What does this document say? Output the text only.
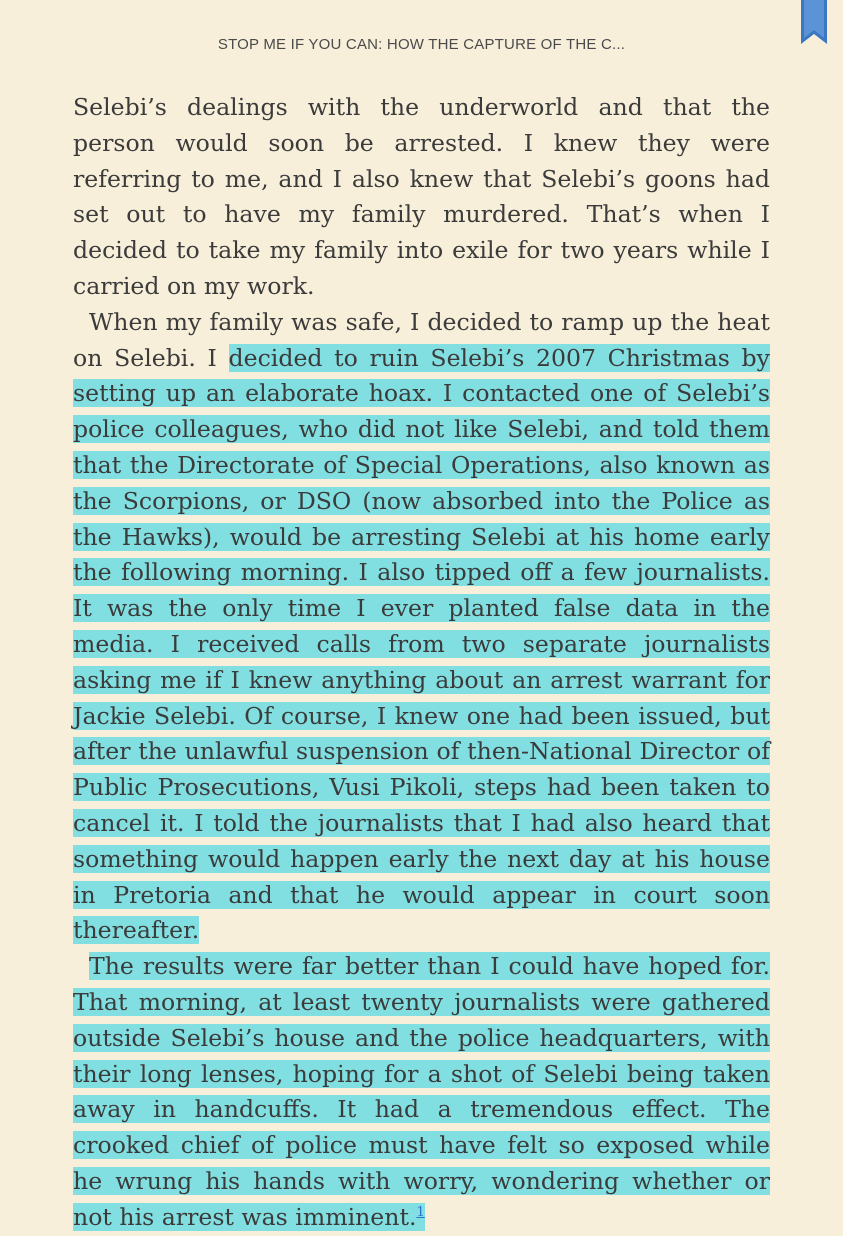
STOP ME IF YOU CAN: HOW THE CAPTURE OF THE C...

Selebi’s dealings with the underworld and that the person would soon be arrested. I knew they were referring to me, and I also knew that Selebi’s goons had set out to have my family murdered. That’s when I decided to take my family into exile for two years while I carried on my work.

When my family was safe, I decided to ramp up the heat on Selebi. I decided to ruin Selebi’s 2007 Christmas by setting up an elaborate hoax. I contacted one of Selebi’s police colleagues, who did not like Selebi, and told them that the Directorate of Special Operations, also known as the Scorpions, or DSO (now absorbed into the Police as the Hawks), would be arresting Selebi at his home early the following morning. I also tipped off a few journalists. It was the only time I ever planted false data in the media. I received calls from two separate journalists asking me if I knew anything about an arrest warrant for Jackie Selebi. Of course, I knew one had been issued, but after the unlawful suspension of then-National Director of Public Prosecutions, Vusi Pikoli, steps had been taken to cancel it. I told the journalists that I had also heard that something would happen early the next day at his house in Pretoria and that he would appear in court soon thereafter.

The results were far better than I could have hoped for. That morning, at least twenty journalists were gathered outside Selebi’s house and the police headquarters, with their long lenses, hoping for a shot of Selebi being taken away in handcuffs. It had a tremendous effect. The crooked chief of police must have felt so exposed while he wrung his hands with worry, wondering whether or not his arrest was imminent.$^1$
